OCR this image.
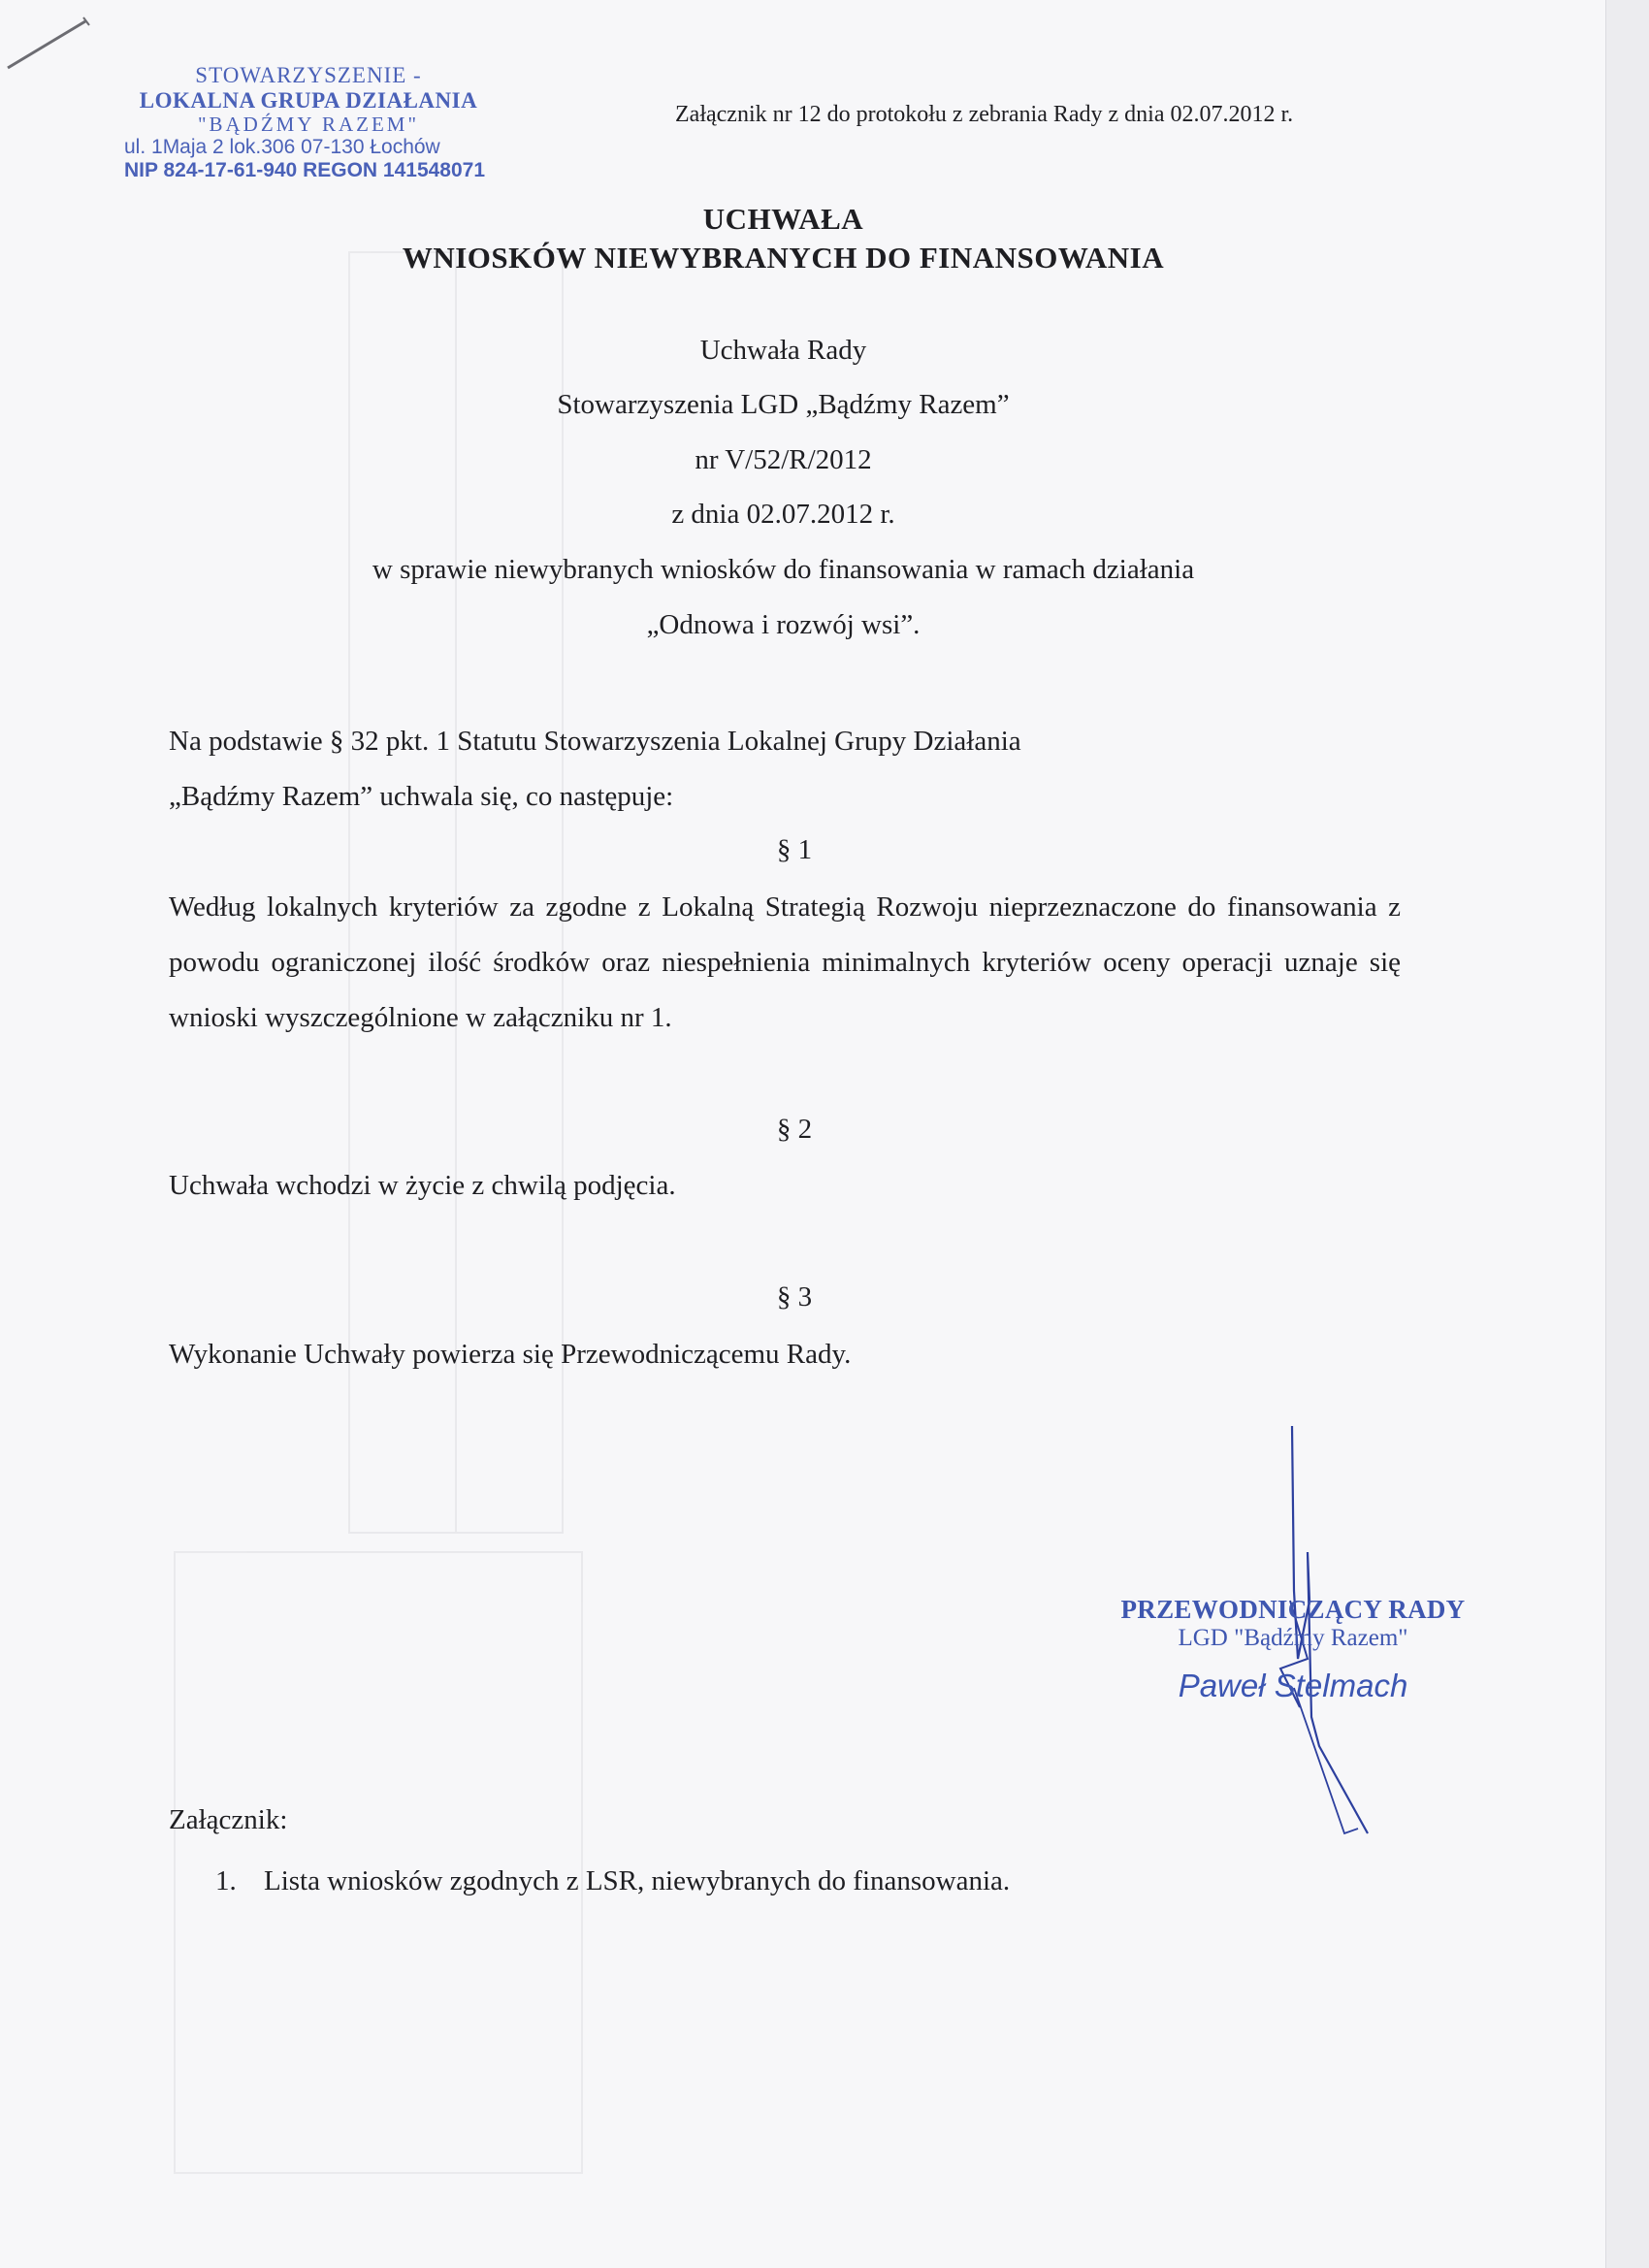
STOWARZYSZENIE -
LOKALNA GRUPA DZIAŁANIA
"BĄDŹMY RAZEM"
ul. 1Maja 2 lok.306 07-130 Łochów
NIP 824-17-61-940 REGON 141548071
Załącznik nr 12 do protokołu z zebrania Rady z dnia 02.07.2012 r.
UCHWAŁA
WNIOSKÓW NIEWYBRANYCH DO FINANSOWANIA
Uchwała Rady
Stowarzyszenia LGD „Bądźmy Razem”
nr V/52/R/2012
z dnia 02.07.2012 r.
w sprawie niewybranych wniosków do finansowania w ramach działania
„Odnowa i rozwój wsi”.
Na podstawie § 32 pkt. 1 Statutu Stowarzyszenia Lokalnej Grupy Działania
„Bądźmy Razem” uchwala się, co następuje:
§ 1
Według lokalnych kryteriów za zgodne z Lokalną Strategią Rozwoju nieprzeznaczone do finansowania z powodu ograniczonej ilość środków oraz niespełnienia minimalnych kryteriów oceny operacji uznaje się wnioski wyszczególnione w załączniku nr 1.
§ 2
Uchwała wchodzi w życie z chwilą podjęcia.
§ 3
Wykonanie Uchwały powierza się Przewodniczącemu Rady.
PRZEWODNICZĄCY RADY
LGD "Bądźmy Razem"
Paweł Stelmach
Załącznik:
1. Lista wniosków zgodnych z LSR, niewybranych do finansowania.
